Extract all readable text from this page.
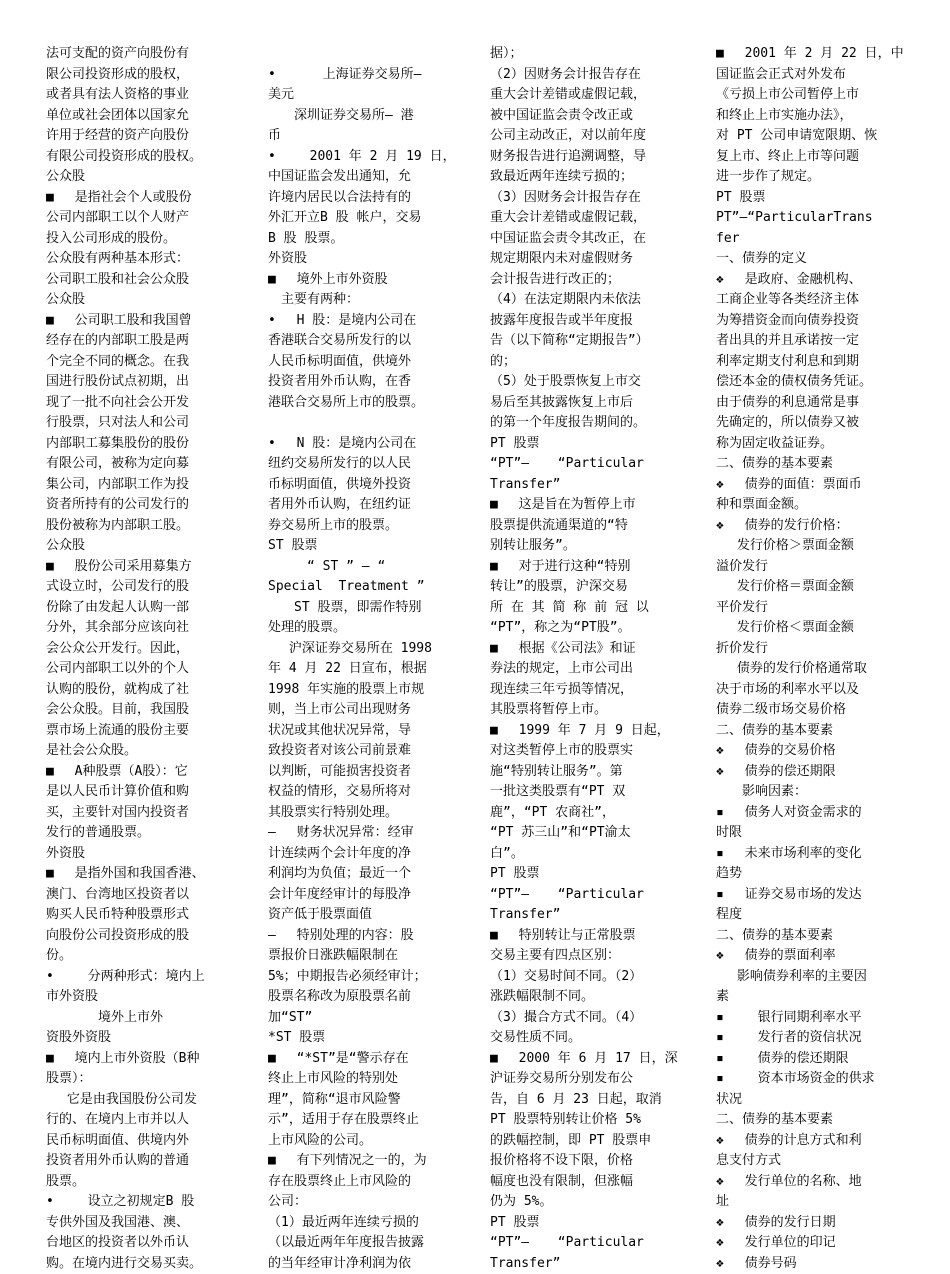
法可支配的资产向股份有
限公司投资形成的股权，
或者具有法人资格的事业
单位或社会团体以国家允
许用于经营的资产向股份
有限公司投资形成的股权。
公众股
■　 是指社会个人或股份
公司内部职工以个人财产
投入公司形成的股份。
公众股有两种基本形式：
公司职工股和社会公众股
公众股
■　 公司职工股和我国曾
经存在的内部职工股是两
个完全不同的概念。在我
国进行股份试点初期，出
现了一批不向社会公开发
行股票，只对法人和公司
内部职工募集股份的股份
有限公司，被称为定向募
集公司，内部职工作为投
资者所持有的公司发行的
股份被称为内部职工股。
公众股
■　 股份公司采用募集方
式设立时，公司发行的股
份除了由发起人认购一部
分外，其余部分应该向社
会公众公开发行。因此，
公司内部职工以外的个人
认购的股份，就构成了社
会公众股。目前，我国股
票市场上流通的股份主要
是社会公众股。
■　 A种股票（A股）：它
是以人民币计算价值和购
买，主要针对国内投资者
发行的普通股票。
外资股
■　 是指外国和我国香港、
澳门、台湾地区投资者以
购买人民币特种股票形式
向股份公司投资形成的股
份。
•　　 分两种形式：境内上
市外资股
　　　　境外上市外
资股外资股
■　 境内上市外资股（B种
股票）：
　 它是由我国股份公司发
行的、在境内上市并以人
民币标明面值、供境内外
投资者用外币认购的普通
股票。
•　　 设立之初规定B 股
专供外国及我国港、澳、
台地区的投资者以外币认
购。在境内进行交易买卖。

•　　　 上海证券交易所—
美元
　　深圳证券交易所— 港
币
•　　 2001 年 2 月 19 日，
中国证监会发出通知，允
许境内居民以合法持有的
外汇开立B 股 帐户，交易
B 股 股票。
外资股
■　 境外上市外资股
　主要有两种：
•　 H 股：是境内公司在
香港联合交易所发行的以
人民币标明面值，供境外
投资者用外币认购，在香
港联合交易所上市的股票。

•　 N 股：是境内公司在
纽约交易所发行的以人民
币标明面值，供境外投资
者用外币认购，在纽约证
券交易所上市的股票。
ST 股票
　　　“ ST ” — “
Special  Treatment ”
　　ST 股票，即需作特别
处理的股票。
　 沪深证券交易所在 1998
年 4 月 22 日宣布，根据
1998 年实施的股票上市规
则，当上市公司出现财务
状况或其他状况异常，导
致投资者对该公司前景难
以判断，可能损害投资者
权益的情形，交易所将对
其股票实行特别处理。
—　 财务状况异常：经审
计连续两个会计年度的净
利润均为负值；最近一个
会计年度经审计的每股净
资产低于股票面值
—　 特别处理的内容：股
票报价日涨跌幅限制在
5%；中期报告必须经审计；
股票名称改为原股票名前
加“ST”
*ST 股票
■　 “*ST”是“警示存在
终止上市风险的特别处
理”，简称“退市风险警
示”，适用于存在股票终止
上市风险的公司。
■　 有下列情况之一的，为
存在股票终止上市风险的
公司：
（1）最近两年连续亏损的
（以最近两年年度报告披露
的当年经审计净利润为依
据）；
（2）因财务会计报告存在
重大会计差错或虚假记载，
被中国证监会责令改正或
公司主动改正，对以前年度
财务报告进行追溯调整，导
致最近两年连续亏损的；
（3）因财务会计报告存在
重大会计差错或虚假记载，
中国证监会责令其改正，在
规定期限内未对虚假财务
会计报告进行改正的；
（4）在法定期限内未依法
披露年度报告或半年度报
告（以下简称“定期报告”）
的；
（5）处于股票恢复上市交
易后至其披露恢复上市后
的第一个年度报告期间的。
PT 股票
“PT”—　  “Particular
Transfer”
■　 这是旨在为暂停上市
股票提供流通渠道的“特
别转让服务”。
■　 对于进行这种“特别
转让”的股票，沪深交易
所 在 其 简 称 前 冠 以
“PT”，称之为“PT股”。
■　 根据《公司法》和证
券法的规定，上市公司出
现连续三年亏损等情况，
其股票将暂停上市。
■　 1999 年 7 月 9 日起，
对这类暂停上市的股票实
施“特别转让服务”。第
一批这类股票有“PT 双
鹿”，“PT 农商社”，
“PT 苏三山”和“PT渝太
白”。
PT 股票
“PT”—　  “Particular
Transfer”
■　 特别转让与正常股票
交易主要有四点区别：
（1）交易时间不同。（2）
涨跌幅限制不同。
（3）撮合方式不同。（4）
交易性质不同。
■　 2000 年 6 月 17 日，深
沪证券交易所分别发布公
告，自 6 月 23 日起，取消
PT 股票特别转让价格 5%
的跌幅控制，即 PT 股票申
报价格将不设下限，价格
幅度也没有限制，但涨幅
仍为 5%。
PT 股票
“PT”—　  “Particular
Transfer”
■　 2001 年 2 月 22 日，中
国证监会正式对外发布
《亏损上市公司暂停上市
和终止上市实施办法》，
对 PT 公司申请宽限期、恢
复上市、终止上市等问题
进一步作了规定。
PT 股票
PT”—“ParticularTrans
fer
一、债券的定义
❖　 是政府、金融机构、
工商企业等各类经济主体
为筹措资金而向债券投资
者出具的并且承诺按一定
利率定期支付利息和到期
偿还本金的债权债务凭证。
由于债券的利息通常是事
先确定的，所以债券又被
称为固定收益证券。
二、债券的基本要素
❖　 债券的面值：票面币
种和票面金额。
❖　 债券的发行价格：
　 发行价格＞票面金额
溢价发行
　 发行价格＝票面金额
平价发行
　 发行价格＜票面金额
折价发行
　 债券的发行价格通常取
决于市场的利率水平以及
债券二级市场交易价格
二、债券的基本要素
❖　 债券的交易价格
❖　 债券的偿还期限
　　影响因素：
▪　 债务人对资金需求的
时限
▪　 未来市场利率的变化
趋势
▪　 证券交易市场的发达
程度
二、债券的基本要素
❖　 债券的票面利率
　 影响债券利率的主要因
素
▪　　 银行同期利率水平
▪　　 发行者的资信状况
▪　　 债券的偿还期限
▪　　 资本市场资金的供求
状况
二、债券的基本要素
❖　 债券的计息方式和利
息支付方式
❖　 发行单位的名称、地
址
❖　 债券的发行日期
❖　 发行单位的印记
❖　 债券号码
